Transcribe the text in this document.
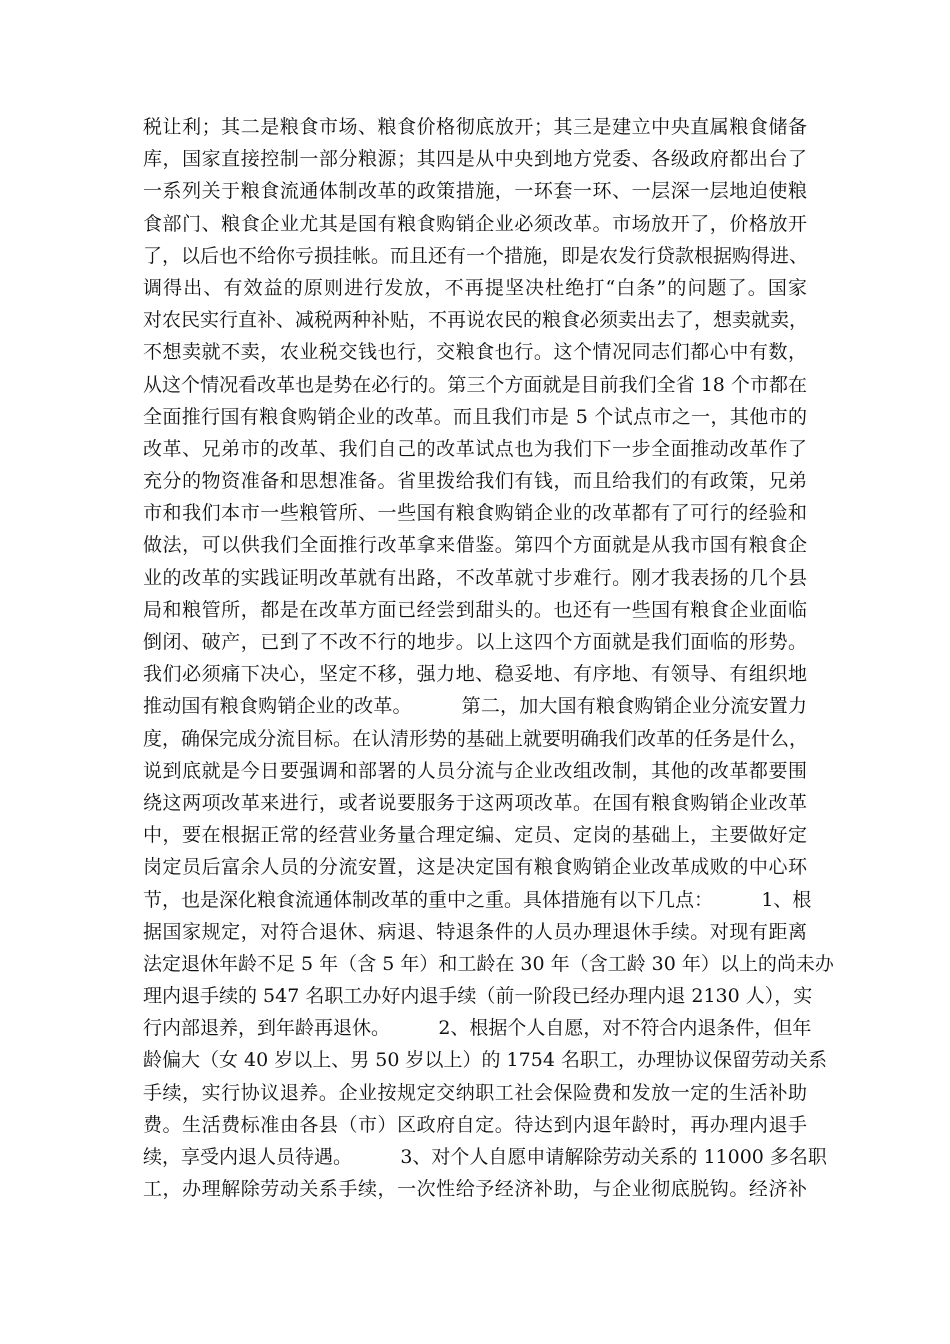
税让利；其二是粮食市场、粮食价格彻底放开；其三是建立中央直属粮食储备
库，国家直接控制一部分粮源；其四是从中央到地方党委、各级政府都出台了
一系列关于粮食流通体制改革的政策措施，一环套一环、一层深一层地迫使粮
食部门、粮食企业尤其是国有粮食购销企业必须改革。市场放开了，价格放开
了，以后也不给你亏损挂帐。而且还有一个措施，即是农发行贷款根据购得进、
调得出、有效益的原则进行发放，不再提坚决杜绝打“白条”的问题了。国家
对农民实行直补、减税两种补贴，不再说农民的粮食必须卖出去了，想卖就卖，
不想卖就不卖，农业税交钱也行，交粮食也行。这个情况同志们都心中有数，
从这个情况看改革也是势在必行的。第三个方面就是目前我们全省 18 个市都在
全面推行国有粮食购销企业的改革。而且我们市是 5 个试点市之一，其他市的
改革、兄弟市的改革、我们自己的改革试点也为我们下一步全面推动改革作了
充分的物资准备和思想准备。省里拨给我们有钱，而且给我们的有政策，兄弟
市和我们本市一些粮管所、一些国有粮食购销企业的改革都有了可行的经验和
做法，可以供我们全面推行改革拿来借鉴。第四个方面就是从我市国有粮食企
业的改革的实践证明改革就有出路，不改革就寸步难行。刚才我表扬的几个县
局和粮管所，都是在改革方面已经尝到甜头的。也还有一些国有粮食企业面临
倒闭、破产，已到了不改不行的地步。以上这四个方面就是我们面临的形势。
我们必须痛下决心，坚定不移，强力地、稳妥地、有序地、有领导、有组织地
推动国有粮食购销企业的改革。        第二，加大国有粮食购销企业分流安置力
度，确保完成分流目标。在认清形势的基础上就要明确我们改革的任务是什么，
说到底就是今日要强调和部署的人员分流与企业改组改制，其他的改革都要围
绕这两项改革来进行，或者说要服务于这两项改革。在国有粮食购销企业改革
中，要在根据正常的经营业务量合理定编、定员、定岗的基础上，主要做好定
岗定员后富余人员的分流安置，这是决定国有粮食购销企业改革成败的中心环
节，也是深化粮食流通体制改革的重中之重。具体措施有以下几点：        1、根
据国家规定，对符合退休、病退、特退条件的人员办理退休手续。对现有距离
法定退休年龄不足 5 年（含 5 年）和工龄在 30 年（含工龄 30 年）以上的尚未办
理内退手续的 547 名职工办好内退手续（前一阶段已经办理内退 2130 人），实
行内部退养，到年龄再退休。        2、根据个人自愿，对不符合内退条件，但年
龄偏大（女 40 岁以上、男 50 岁以上）的 1754 名职工，办理协议保留劳动关系
手续，实行协议退养。企业按规定交纳职工社会保险费和发放一定的生活补助
费。生活费标准由各县（市）区政府自定。待达到内退年龄时，再办理内退手
续，享受内退人员待遇。        3、对个人自愿申请解除劳动关系的 11000 多名职
工，办理解除劳动关系手续，一次性给予经济补助，与企业彻底脱钩。经济补
